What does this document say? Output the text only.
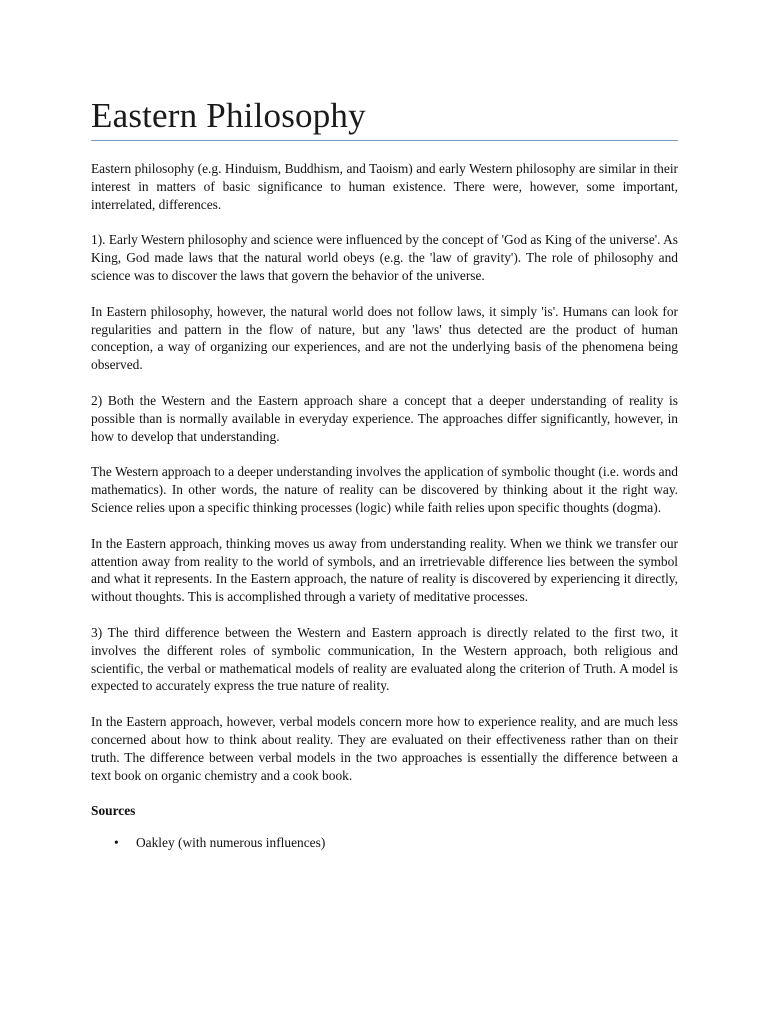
Eastern Philosophy

Eastern philosophy (e.g. Hinduism, Buddhism, and Taoism) and early Western philosophy are similar in their interest in matters of basic significance to human existence. There were, however, some important, interrelated, differences.

1). Early Western philosophy and science were influenced by the concept of 'God as King of the universe'. As King, God made laws that the natural world obeys (e.g. the 'law of gravity'). The role of philosophy and science was to discover the laws that govern the behavior of the universe.

In Eastern philosophy, however, the natural world does not follow laws, it simply 'is'. Humans can look for regularities and pattern in the flow of nature, but any 'laws' thus detected are the product of human conception, a way of organizing our experiences, and are not the underlying basis of the phenomena being observed.

2) Both the Western and the Eastern approach share a concept that a deeper understanding of reality is possible than is normally available in everyday experience. The approaches differ significantly, however, in how to develop that understanding.

The Western approach to a deeper understanding involves the application of symbolic thought (i.e. words and mathematics). In other words, the nature of reality can be discovered by thinking about it the right way. Science relies upon a specific thinking processes (logic) while faith relies upon specific thoughts (dogma).

In the Eastern approach, thinking moves us away from understanding reality. When we think we transfer our attention away from reality to the world of symbols, and an irretrievable difference lies between the symbol and what it represents. In the Eastern approach, the nature of reality is discovered by experiencing it directly, without thoughts. This is accomplished through a variety of meditative processes.

3) The third difference between the Western and Eastern approach is directly related to the first two, it involves the different roles of symbolic communication, In the Western approach, both religious and scientific, the verbal or mathematical models of reality are evaluated along the criterion of Truth. A model is expected to accurately express the true nature of reality.

In the Eastern approach, however, verbal models concern more how to experience reality, and are much less concerned about how to think about reality. They are evaluated on their effectiveness rather than on their truth. The difference between verbal models in the two approaches is essentially the difference between a text book on organic chemistry and a cook book.

Sources

• Oakley (with numerous influences)
